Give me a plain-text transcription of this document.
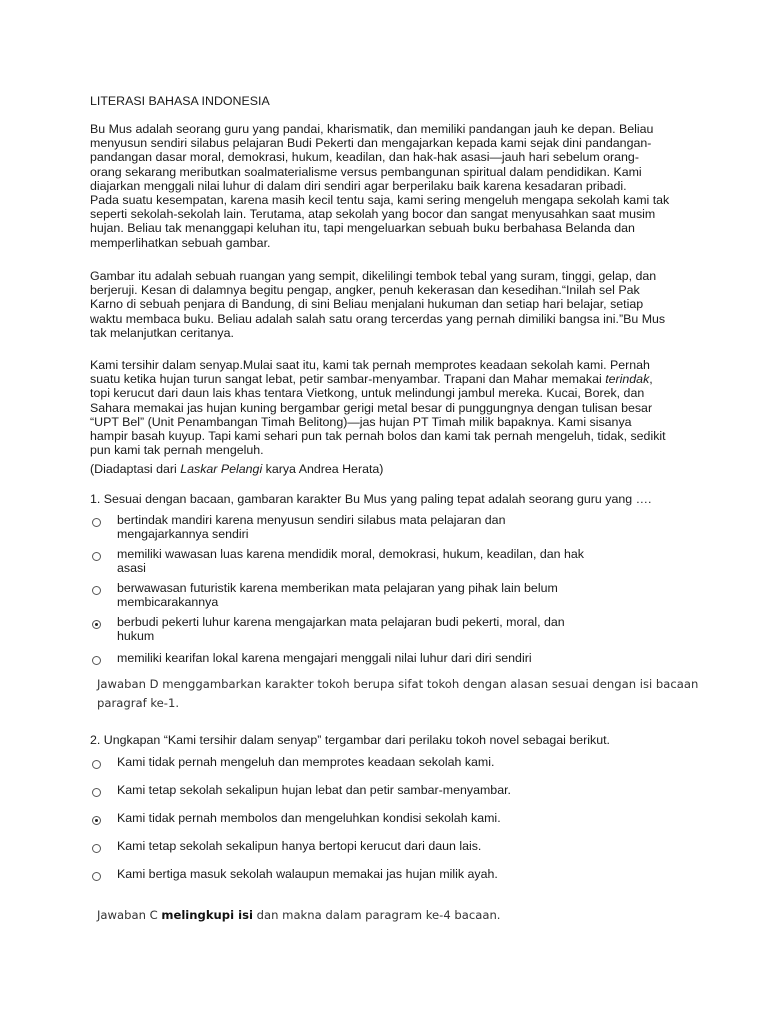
LITERASI BAHASA INDONESIA
Bu Mus adalah seorang guru yang pandai, kharismatik, dan memiliki pandangan jauh ke depan. Beliau
menyusun sendiri silabus pelajaran Budi Pekerti dan mengajarkan kepada kami sejak dini pandangan-
pandangan dasar moral, demokrasi, hukum, keadilan, dan hak-hak asasi—jauh hari sebelum orang-
orang sekarang meributkan soalmaterialisme versus pembangunan spiritual dalam pendidikan. Kami
diajarkan menggali nilai luhur di dalam diri sendiri agar berperilaku baik karena kesadaran pribadi.
Pada suatu kesempatan, karena masih kecil tentu saja, kami sering mengeluh mengapa sekolah kami tak
seperti sekolah-sekolah lain. Terutama, atap sekolah yang bocor dan sangat menyusahkan saat musim
hujan. Beliau tak menanggapi keluhan itu, tapi mengeluarkan sebuah buku berbahasa Belanda dan
memperlihatkan sebuah gambar.
Gambar itu adalah sebuah ruangan yang sempit, dikelilingi tembok tebal yang suram, tinggi, gelap, dan
berjeruji. Kesan di dalamnya begitu pengap, angker, penuh kekerasan dan kesedihan.“Inilah sel Pak
Karno di sebuah penjara di Bandung, di sini Beliau menjalani hukuman dan setiap hari belajar, setiap
waktu membaca buku. Beliau adalah salah satu orang tercerdas yang pernah dimiliki bangsa ini.”Bu Mus
tak melanjutkan ceritanya.
Kami tersihir dalam senyap.Mulai saat itu, kami tak pernah memprotes keadaan sekolah kami. Pernah
suatu ketika hujan turun sangat lebat, petir sambar-menyambar. Trapani dan Mahar memakai terindak,
topi kerucut dari daun lais khas tentara Vietkong, untuk melindungi jambul mereka. Kucai, Borek, dan
Sahara memakai jas hujan kuning bergambar gerigi metal besar di punggungnya dengan tulisan besar
“UPT Bel” (Unit Penambangan Timah Belitong)—jas hujan PT Timah milik bapaknya. Kami sisanya
hampir basah kuyup. Tapi kami sehari pun tak pernah bolos dan kami tak pernah mengeluh, tidak, sedikit
pun kami tak pernah mengeluh.
(Diadaptasi dari Laskar Pelangi karya Andrea Herata)
1. Sesuai dengan bacaan, gambaran karakter Bu Mus yang paling tepat adalah seorang guru yang ….
bertindak mandiri karena menyusun sendiri silabus mata pelajaran dan
mengajarkannya sendiri
memiliki wawasan luas karena mendidik moral, demokrasi, hukum, keadilan, dan hak
asasi
berwawasan futuristik karena memberikan mata pelajaran yang pihak lain belum
membicarakannya
berbudi pekerti luhur karena mengajarkan mata pelajaran budi pekerti, moral, dan
hukum
memiliki kearifan lokal karena mengajari menggali nilai luhur dari diri sendiri
Jawaban D menggambarkan karakter tokoh berupa sifat tokoh dengan alasan sesuai dengan isi bacaan
paragraf ke-1.
2. Ungkapan “Kami tersihir dalam senyap” tergambar dari perilaku tokoh novel sebagai berikut.
Kami tidak pernah mengeluh dan memprotes keadaan sekolah kami.
Kami tetap sekolah sekalipun hujan lebat dan petir sambar-menyambar.
Kami tidak pernah membolos dan mengeluhkan kondisi sekolah kami.
Kami tetap sekolah sekalipun hanya bertopi kerucut dari daun lais.
Kami bertiga masuk sekolah walaupun memakai jas hujan milik ayah.
Jawaban C melingkupi isi dan makna dalam paragram ke-4 bacaan.
